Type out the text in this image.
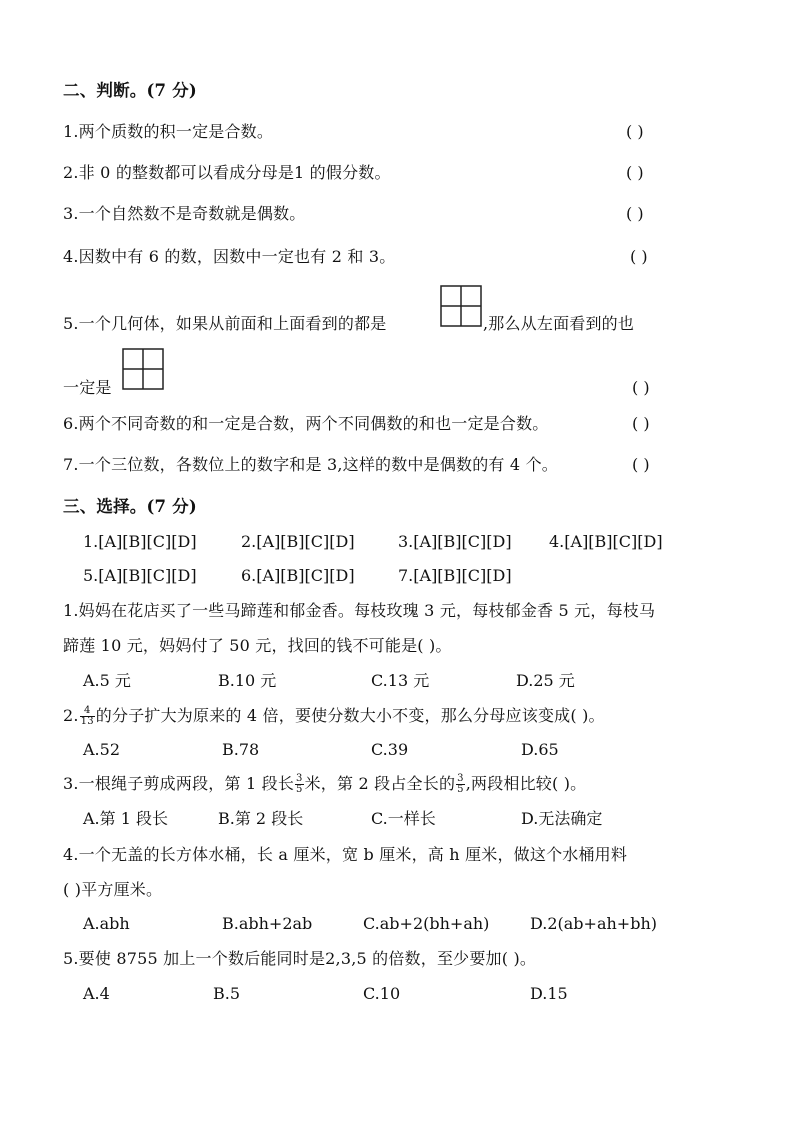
二、判断。(7 分)
1.两个质数的积一定是合数。	( )
2.非 0 的整数都可以看成分母是1 的假分数。	( )
3.一个自然数不是奇数就是偶数。	( )
4.因数中有 6 的数，因数中一定也有 2 和 3。	( )
5.一个几何体，如果从前面和上面看到的都是	,那么从左面看到的也
一定是	( )
6.两个不同奇数的和一定是合数，两个不同偶数的和也一定是合数。	( )
7.一个三位数，各数位上的数字和是 3,这样的数中是偶数的有 4 个。	( )
三、选择。(7 分)
1.[A][B][C][D]	2.[A][B][C][D]	3.[A][B][C][D] 4.[A][B][C][D]
5.[A][B][C][D]	6.[A][B][C][D]	7.[A][B][C][D]
1.妈妈在花店买了一些马蹄莲和郁金香。每枝玫瑰 3 元，每枝郁金香 5 元，每枝马
蹄莲 10 元，妈妈付了 50 元，找回的钱不可能是( )。
A.5 元	B.10 元	C.13 元	D.25 元
2. $\frac{4}{13}$ 的分子扩大为原来的 4 倍，要使分数大小不变，那么分母应该变成( )。
A.52	B.78	C.39	D.65
3.一根绳子剪成两段，第 1 段长 $\frac{3}{5}$ 米，第 2 段占全长的 $\frac{3}{5}$ ,两段相比较( )。
A.第 1 段长	B.第 2 段长	C.一样长	D.无法确定
4.一个无盖的长方体水桶，长 a 厘米，宽 b 厘米，高 h 厘米，做这个水桶用料
( )平方厘米。
A.abh	B.abh+2ab	C.ab+2(bh+ah)	D.2(ab+ah+bh)
5.要使 8755 加上一个数后能同时是2,3,5 的倍数，至少要加( )。
A.4	B.5	C.10	D.15
